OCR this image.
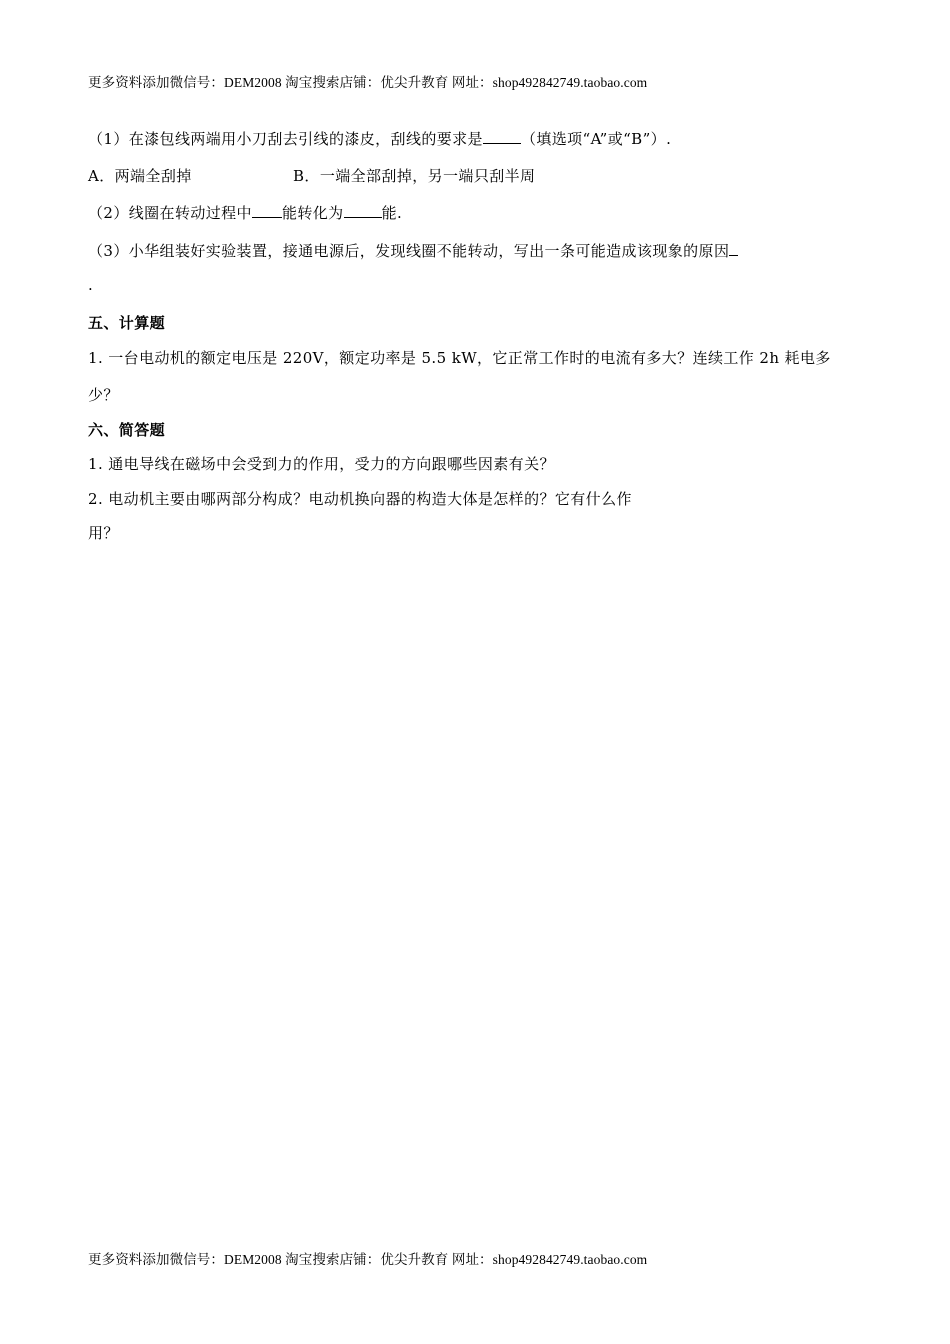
更多资料添加微信号：DEM2008 淘宝搜索店铺：优尖升教育 网址：shop492842749.taobao.com
（1）在漆包线两端用小刀刮去引线的漆皮，刮线的要求是	（填选项“A”或“B”）.
A．两端全刮掉	B．一端全部刮掉，另一端只刮半周
（2）线圈在转动过程中 能转化为	能.
（3）小华组装好实验装置，接通电源后，发现线圈不能转动，写出一条可能造成该现象的原因
.
五、计算题
1. 一台电动机的额定电压是 220V，额定功率是 5.5 kW，它正常工作时的电流有多大？连续工作 2h 耗电多
少？
六、简答题
1. 通电导线在磁场中会受到力的作用，受力的方向跟哪些因素有关？
2. 电动机主要由哪两部分构成？电动机换向器的构造大体是怎样的？它有什么作
用？
更多资料添加微信号：DEM2008 淘宝搜索店铺：优尖升教育 网址：shop492842749.taobao.com
